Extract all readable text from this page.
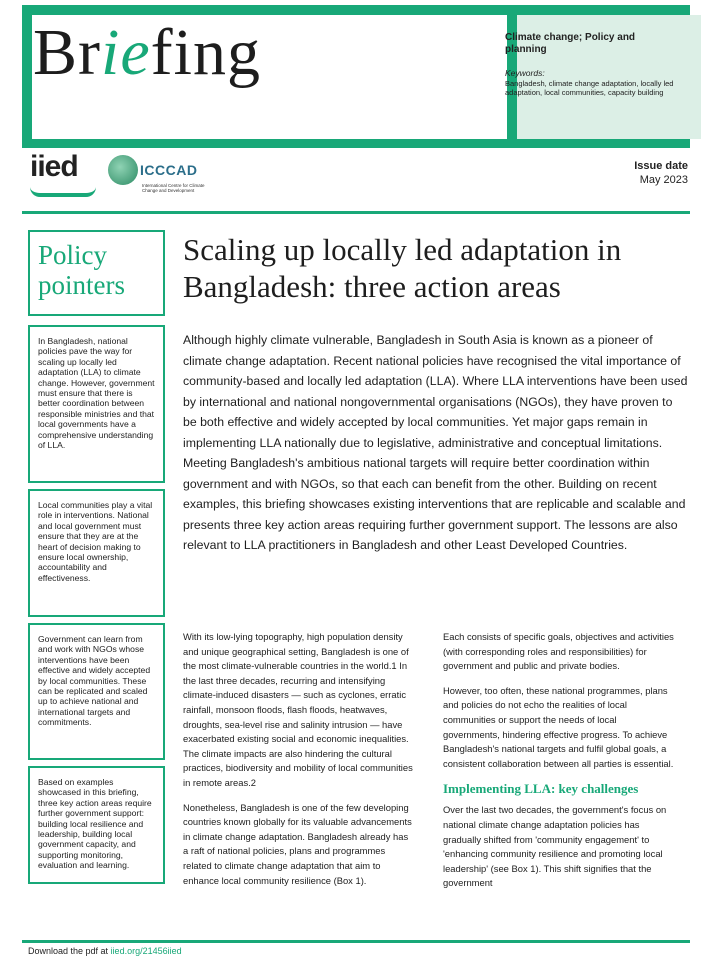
Briefing	Climate change; Policy and planning
Keywords:
Bangladesh, climate change adaptation, locally led adaptation, local communities, capacity building
iied	ICCCAD
International Centre for Climate Change and Development
Issue date
May 2023
Policy pointers
In Bangladesh, national policies pave the way for scaling up locally led adaptation (LLA) to climate change. However, government must ensure that there is better coordination between responsible ministries and that local governments have a comprehensive understanding of LLA.
Local communities play a vital role in interventions. National and local government must ensure that they are at the heart of decision making to ensure local ownership, accountability and effectiveness.
Government can learn from and work with NGOs whose interventions have been effective and widely accepted by local communities. These can be replicated and scaled up to achieve national and international targets and commitments.
Based on examples showcased in this briefing, three key action areas require further government support: building local resilience and leadership, building local government capacity, and supporting monitoring, evaluation and learning.
Scaling up locally led adaptation in Bangladesh: three action areas
Although highly climate vulnerable, Bangladesh in South Asia is known as a pioneer of climate change adaptation. Recent national policies have recognised the vital importance of community-based and locally led adaptation (LLA). Where LLA interventions have been used by international and national nongovernmental organisations (NGOs), they have proven to be both effective and widely accepted by local communities. Yet major gaps remain in implementing LLA nationally due to legislative, administrative and conceptual limitations. Meeting Bangladesh's ambitious national targets will require better coordination within government and with NGOs, so that each can benefit from the other. Building on recent examples, this briefing showcases existing interventions that are replicable and scalable and presents three key action areas requiring further government support. The lessons are also relevant to LLA practitioners in Bangladesh and other Least Developed Countries.

With its low-lying topography, high population density and unique geographical setting, Bangladesh is one of the most climate-vulnerable countries in the world.1 In the last three decades, recurring and intensifying climate-induced disasters — such as cyclones, erratic rainfall, monsoon floods, flash floods, heatwaves, droughts, sea-level rise and salinity intrusion — have exacerbated existing social and economic inequalities. The climate impacts are also hindering the cultural practices, biodiversity and mobility of local communities in remote areas.2

Nonetheless, Bangladesh is one of the few developing countries known globally for its valuable advancements in climate change adaptation. Bangladesh already has a raft of national policies, plans and programmes related to climate change adaptation that aim to enhance local community resilience (Box 1).

Each consists of specific goals, objectives and activities (with corresponding roles and responsibilities) for government and public and private bodies.

However, too often, these national programmes, plans and policies do not echo the realities of local communities or support the needs of local governments, hindering effective progress. To achieve Bangladesh's national targets and fulfil global goals, a consistent collaboration between all parties is essential.

Implementing LLA: key challenges

Over the last two decades, the government's focus on national climate change adaptation policies has gradually shifted from 'community engagement' to 'enhancing community resilience and promoting local leadership' (see Box 1). This shift signifies that the government

Download the pdf at iied.org/21456iied
